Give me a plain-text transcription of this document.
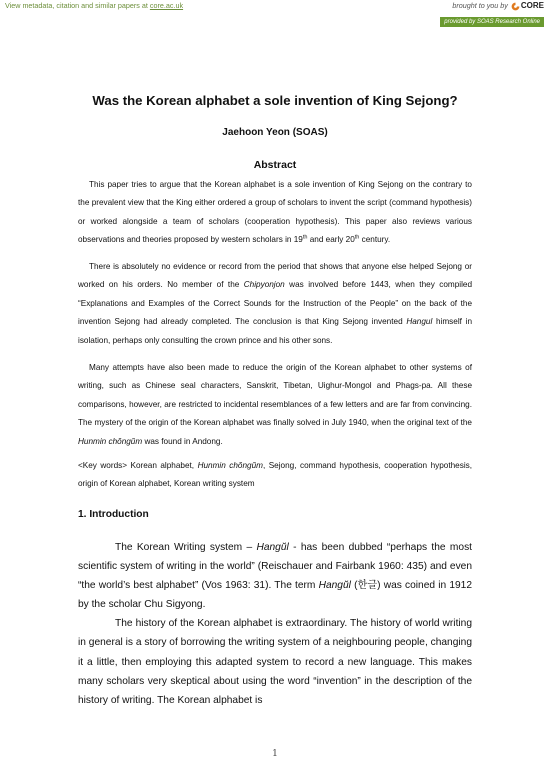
View metadata, citation and similar papers at core.ac.uk	brought to you by CORE
provided by SOAS Research Online
Was the Korean alphabet a sole invention of King Sejong?

Jaehoon Yeon (SOAS)

Abstract

This paper tries to argue that the Korean alphabet is a sole invention of King Sejong on the contrary to the prevalent view that the King either ordered a group of scholars to invent the script (command hypothesis) or worked alongside a team of scholars (cooperation hypothesis). This paper also reviews various observations and theories proposed by western scholars in 19th and early 20th century.

There is absolutely no evidence or record from the period that shows that anyone else helped Sejong or worked on his orders. No member of the Chipyonjon was involved before 1443, when they compiled “Explanations and Examples of the Correct Sounds for the Instruction of the People” on the back of the invention Sejong had already completed. The conclusion is that King Sejong invented Hangul himself in isolation, perhaps only consulting the crown prince and his other sons.

Many attempts have also been made to reduce the origin of the Korean alphabet to other systems of writing, such as Chinese seal characters, Sanskrit, Tibetan, Uighur-Mongol and Phags-pa. All these comparisons, however, are restricted to incidental resemblances of a few letters and are far from convincing. The mystery of the origin of the Korean alphabet was finally solved in July 1940, when the original text of the Hunmin chŏngŭm was found in Andong.

<Key words> Korean alphabet, Hunmin chŏngŭm, Sejong, command hypothesis, cooperation hypothesis, origin of Korean alphabet, Korean writing system

1. Introduction

The Korean Writing system – Hangŭl - has been dubbed “perhaps the most scientific system of writing in the world” (Reischauer and Fairbank 1960: 435) and even “the world’s best alphabet” (Vos 1963: 31). The term Hangŭl (한글) was coined in 1912 by the scholar Chu Sigyong.

The history of the Korean alphabet is extraordinary. The history of world writing in general is a story of borrowing the writing system of a neighbouring people, changing it a little, then employing this adapted system to record a new language. This makes many scholars very skeptical about using the word “invention” in the description of the history of writing. The Korean alphabet is

1
